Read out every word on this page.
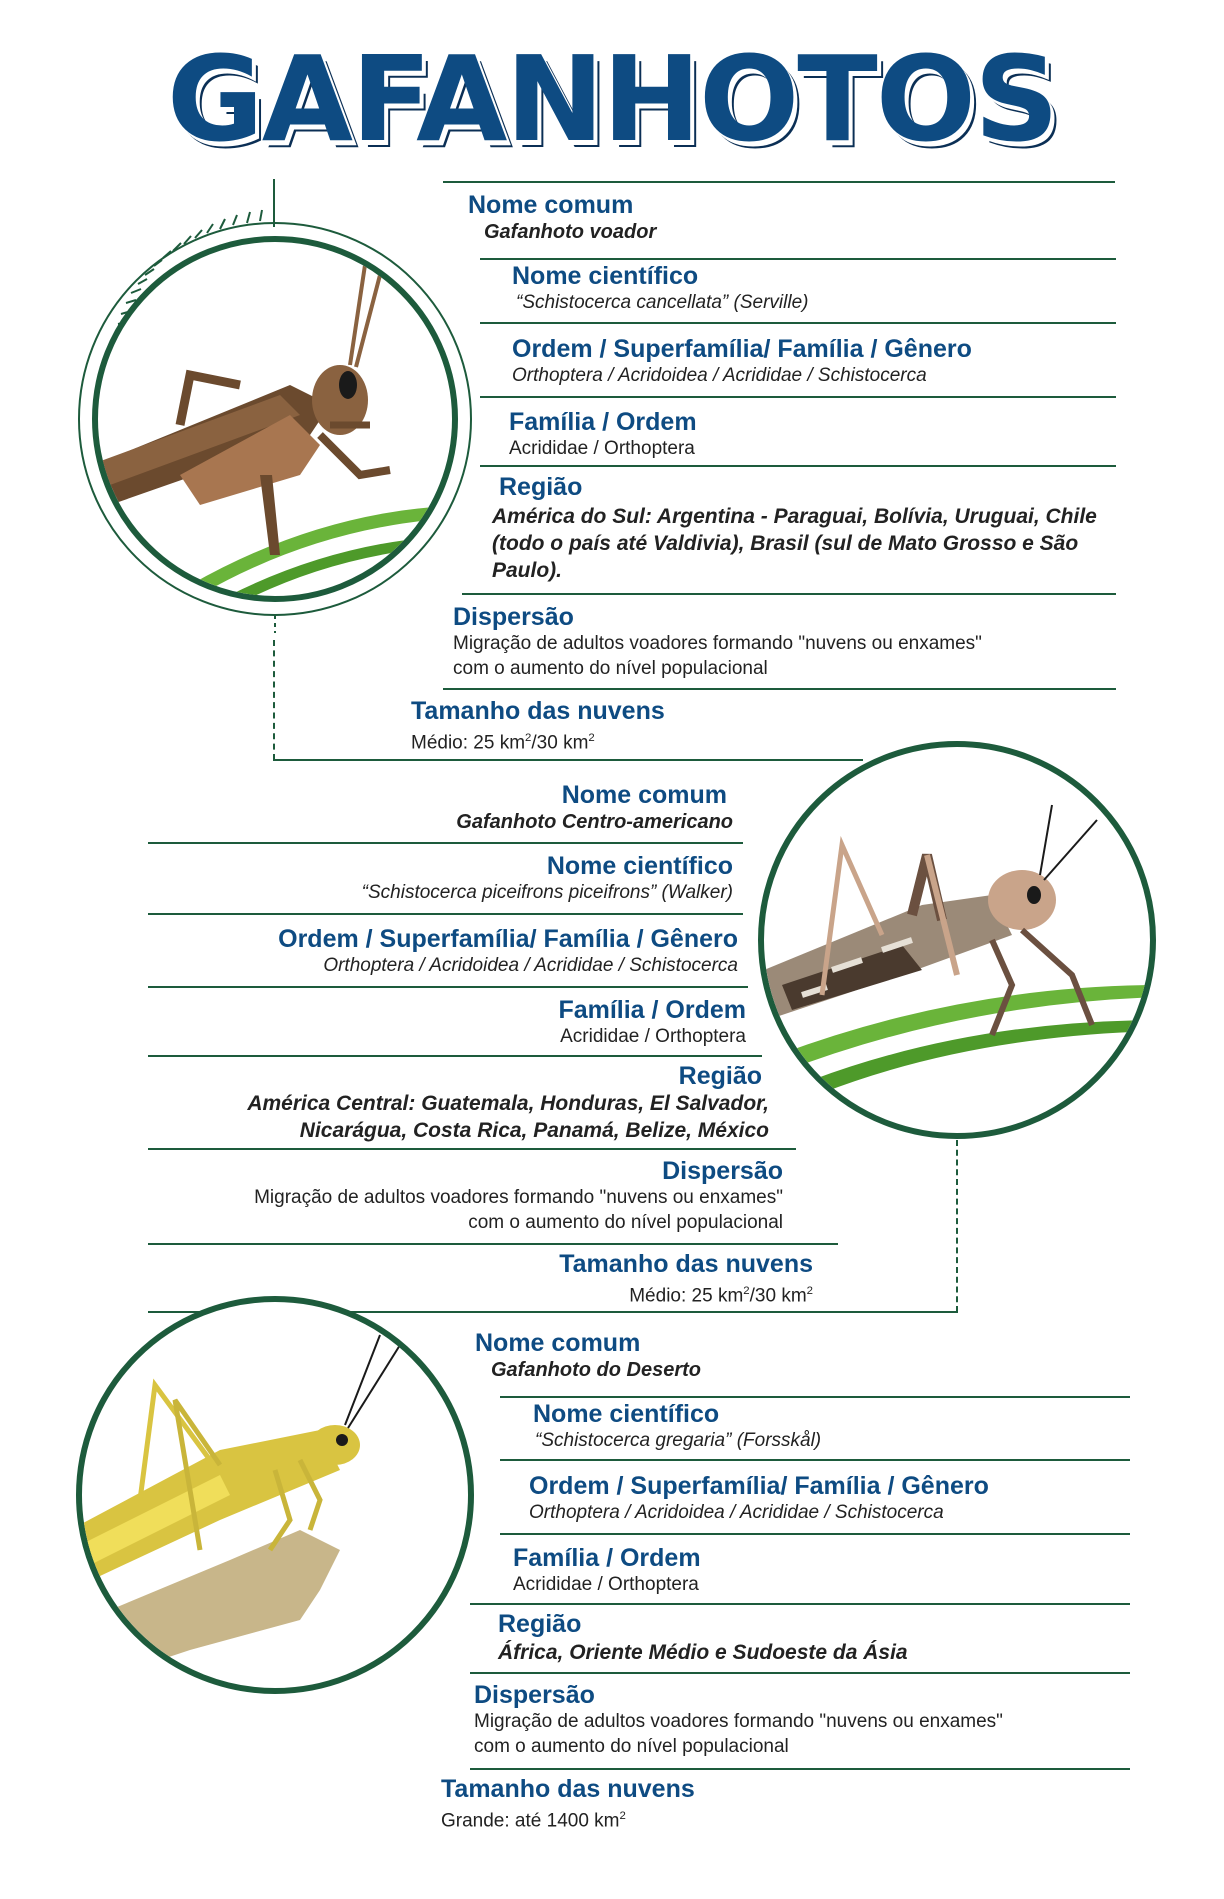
GAFANHOTOS
Nome comum
Gafanhoto voador
Nome científico
“Schistocerca cancellata” (Serville)
Ordem / Superfamília/ Família / Gênero
Orthoptera / Acridoidea / Acrididae / Schistocerca
Família / Ordem
Acrididae / Orthoptera
Região
América do Sul: Argentina - Paraguai, Bolívia, Uruguai, Chile
(todo o país até Valdivia), Brasil (sul de Mato Grosso e São
Paulo).
Dispersão
Migração de adultos voadores formando "nuvens ou enxames"
com o aumento do nível populacional
Tamanho das nuvens
Médio: 25 $km^2/30$ $km^2$
Nome comum
Gafanhoto Centro-americano
Nome científico
“Schistocerca piceifrons piceifrons” (Walker)
Ordem / Superfamília/ Família / Gênero
Orthoptera / Acridoidea / Acrididae / Schistocerca
Família / Ordem
Acrididae / Orthoptera
Região
América Central: Guatemala, Honduras, El Salvador,
Nicarágua, Costa Rica, Panamá, Belize, México
Dispersão
Migração de adultos voadores formando "nuvens ou enxames"
com o aumento do nível populacional
Tamanho das nuvens
Médio: 25 $km^2/30$ $km^2$
Nome comum
Gafanhoto do Deserto
Nome científico
“Schistocerca gregaria” (Forsskål)
Ordem / Superfamília/ Família / Gênero
Orthoptera / Acridoidea / Acrididae / Schistocerca
Família / Ordem
Acrididae / Orthoptera
Região
África, Oriente Médio e Sudoeste da Ásia
Dispersão
Migração de adultos voadores formando "nuvens ou enxames"
com o aumento do nível populacional
Tamanho das nuvens
Grande: até 1400 $km^2$
